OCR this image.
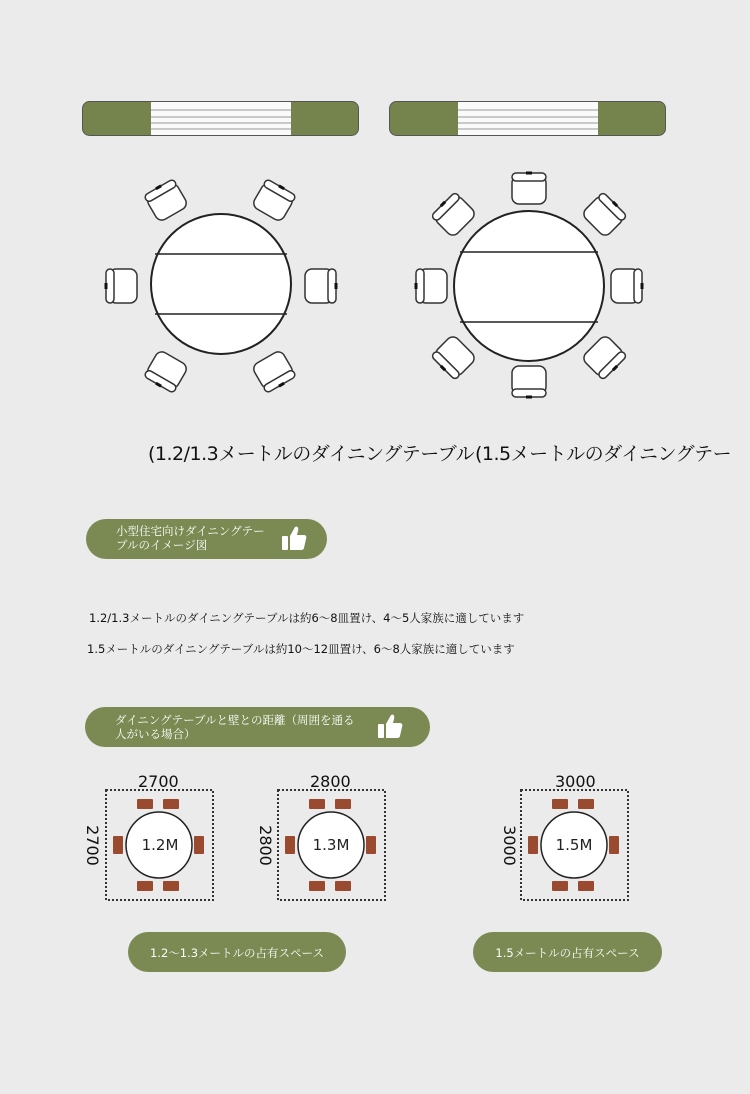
(1.2/1.3メートルのダイニングテーブル (1.5メートルのダイニングテー
小型住宅向けダイニングテー
ブルのイメージ図
1.2/1.3メートルのダイニングテーブルは約6〜8皿置け、4〜5人家族に適しています
1.5メートルのダイニングテーブルは約10〜12皿置け、6〜8人家族に適しています
ダイニングテーブルと壁との距離（周囲を通る
人がいる場合）
2700
2700	1.2M
2800
2800	1.3M
3000
3000 1.5M
1.2〜1.3メートルの占有スペース	1.5メートルの占有スペース
